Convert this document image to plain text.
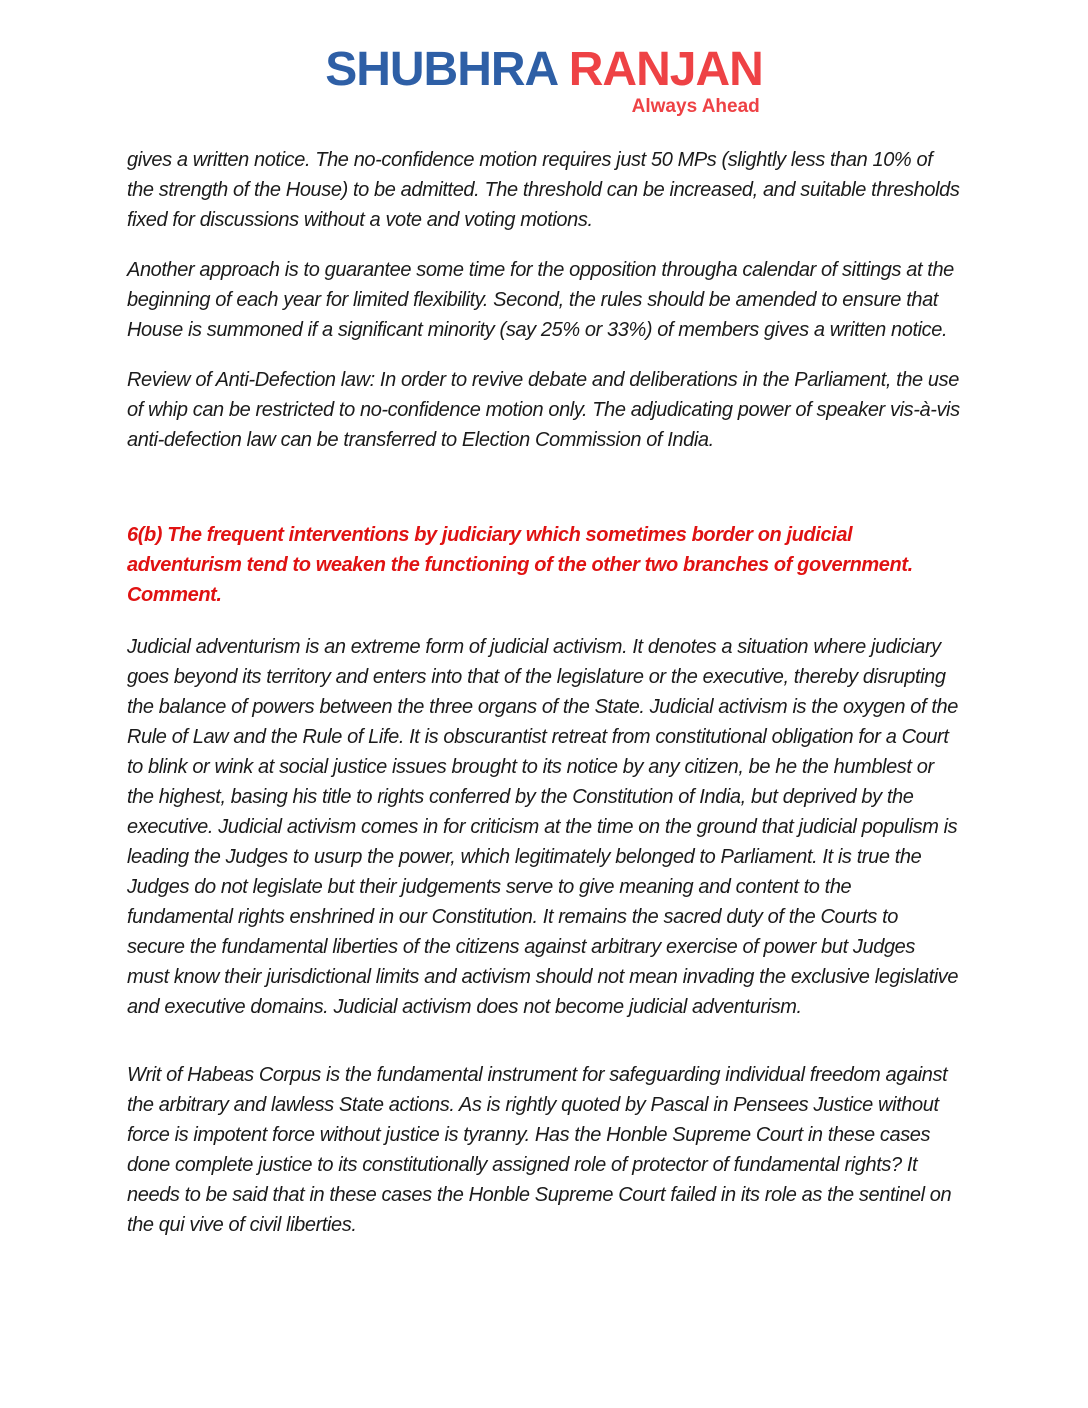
SHUBHRA RANJAN
Always Ahead

gives a written notice. The no-confidence motion requires just 50 MPs (slightly less than 10% of the strength of the House) to be admitted. The threshold can be increased, and suitable thresholds fixed for discussions without a vote and voting motions.

Another approach is to guarantee some time for the opposition througha calendar of sittings at the beginning of each year for limited flexibility. Second, the rules should be amended to ensure that House is summoned if a significant minority (say 25% or 33%) of members gives a written notice.

Review of Anti-Defection law: In order to revive debate and deliberations in the Parliament, the use of whip can be restricted to no-confidence motion only. The adjudicating power of speaker vis-à-vis anti-defection law can be transferred to Election Commission of India.

6(b) The frequent interventions by judiciary which sometimes border on judicial adventurism tend to weaken the functioning of the other two branches of government. Comment.

Judicial adventurism is an extreme form of judicial activism. It denotes a situation where judiciary goes beyond its territory and enters into that of the legislature or the executive, thereby disrupting the balance of powers between the three organs of the State. Judicial activism is the oxygen of the Rule of Law and the Rule of Life. It is obscurantist retreat from constitutional obligation for a Court to blink or wink at social justice issues brought to its notice by any citizen, be he the humblest or the highest, basing his title to rights conferred by the Constitution of India, but deprived by the executive. Judicial activism comes in for criticism at the time on the ground that judicial populism is leading the Judges to usurp the power, which legitimately belonged to Parliament. It is true the Judges do not legislate but their judgements serve to give meaning and content to the fundamental rights enshrined in our Constitution. It remains the sacred duty of the Courts to secure the fundamental liberties of the citizens against arbitrary exercise of power but Judges must know their jurisdictional limits and activism should not mean invading the exclusive legislative and executive domains. Judicial activism does not become judicial adventurism.

Writ of Habeas Corpus is the fundamental instrument for safeguarding individual freedom against the arbitrary and lawless State actions. As is rightly quoted by Pascal in Pensees Justice without force is impotent force without justice is tyranny. Has the Honble Supreme Court in these cases done complete justice to its constitutionally assigned role of protector of fundamental rights? It needs to be said that in these cases the Honble Supreme Court failed in its role as the sentinel on the qui vive of civil liberties.
